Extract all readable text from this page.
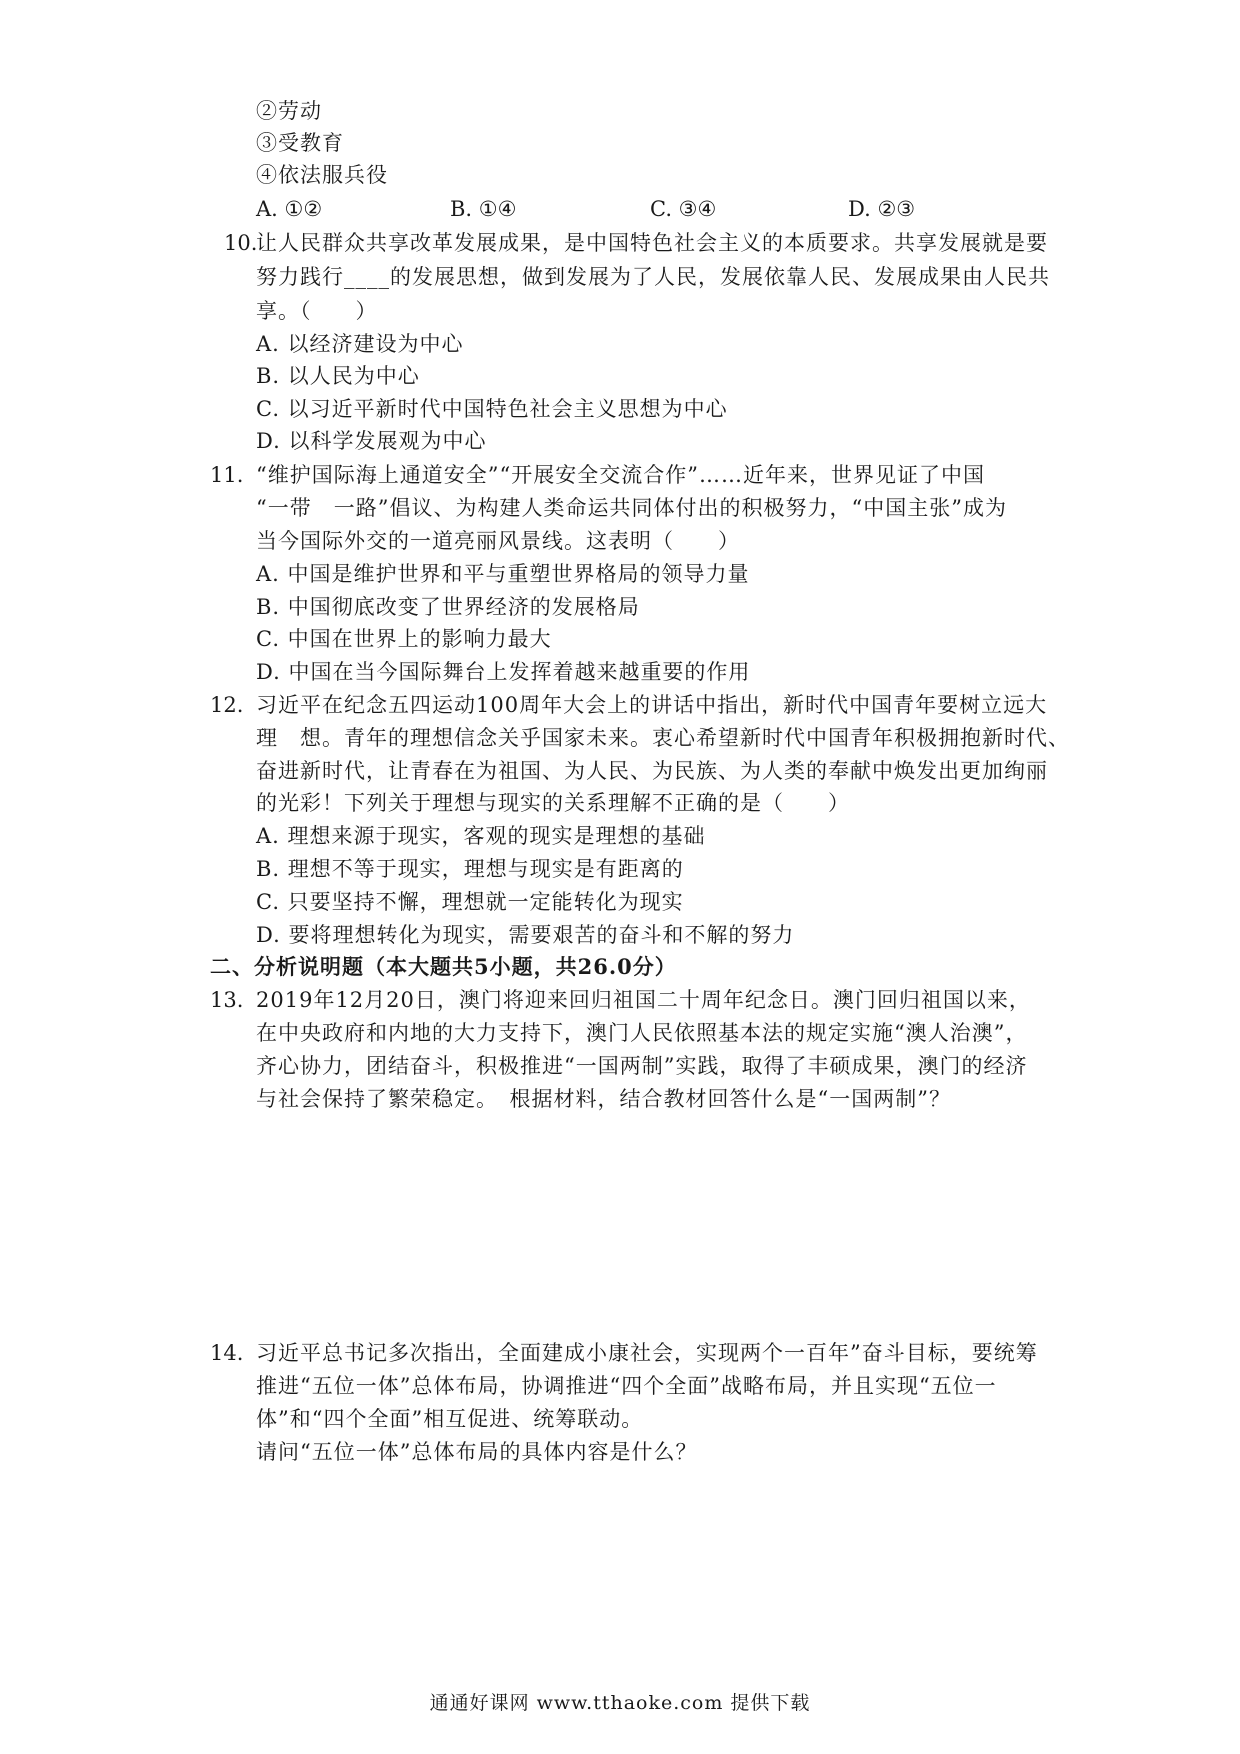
②劳动
③受教育
④依法服兵役
A. ①②	B. ①④	C. ③④	D. ②③
10.
让人民群众共享改革发展成果，是中国特色社会主义的本质要求。共享发展就是要
努力践行____的发展思想，做到发展为了人民，发展依靠人民、发展成果由人民共
享。（　　）
A. 以经济建设为中心
B. 以人民为中心
C. 以习近平新时代中国特色社会主义思想为中心
D. 以科学发展观为中心
11. “维护国际海上通道安全”“开展安全交流合作”……近年来，世界见证了中国
“一带　一路”倡议、为构建人类命运共同体付出的积极努力，“中国主张”成为
当今国际外交的一道亮丽风景线。这表明（　　）
A. 中国是维护世界和平与重塑世界格局的领导力量
B. 中国彻底改变了世界经济的发展格局
C. 中国在世界上的影响力最大
D. 中国在当今国际舞台上发挥着越来越重要的作用
12. 习近平在纪念五四运动100周年大会上的讲话中指出，新时代中国青年要树立远大
理　想。青年的理想信念关乎国家未来。衷心希望新时代中国青年积极拥抱新时代、
奋进新时代，让青春在为祖国、为人民、为民族、为人类的奉献中焕发出更加绚丽
的光彩！下列关于理想与现实的关系理解不正确的是（　　）
A. 理想来源于现实，客观的现实是理想的基础
B. 理想不等于现实，理想与现实是有距离的
C. 只要坚持不懈，理想就一定能转化为现实
D. 要将理想转化为现实，需要艰苦的奋斗和不解的努力
二、分析说明题（本大题共5小题，共26.0分）
13. 2019年12月20日，澳门将迎来回归祖国二十周年纪念日。澳门回归祖国以来，
在中央政府和内地的大力支持下，澳门人民依照基本法的规定实施“澳人治澳”，
齐心协力，团结奋斗，积极推进“一国两制”实践，取得了丰硕成果，澳门的经济
与社会保持了繁荣稳定。　根据材料，结合教材回答什么是“一国两制”？
14. 习近平总书记多次指出，全面建成小康社会，实现两个一百年”奋斗目标，要统筹
推进“五位一体”总体布局，协调推进“四个全面”战略布局，并且实现“五位一
体”和“四个全面”相互促进、统筹联动。
请问“五位一体”总体布局的具体内容是什么？
通通好课网 www.tthaoke.com 提供下载
